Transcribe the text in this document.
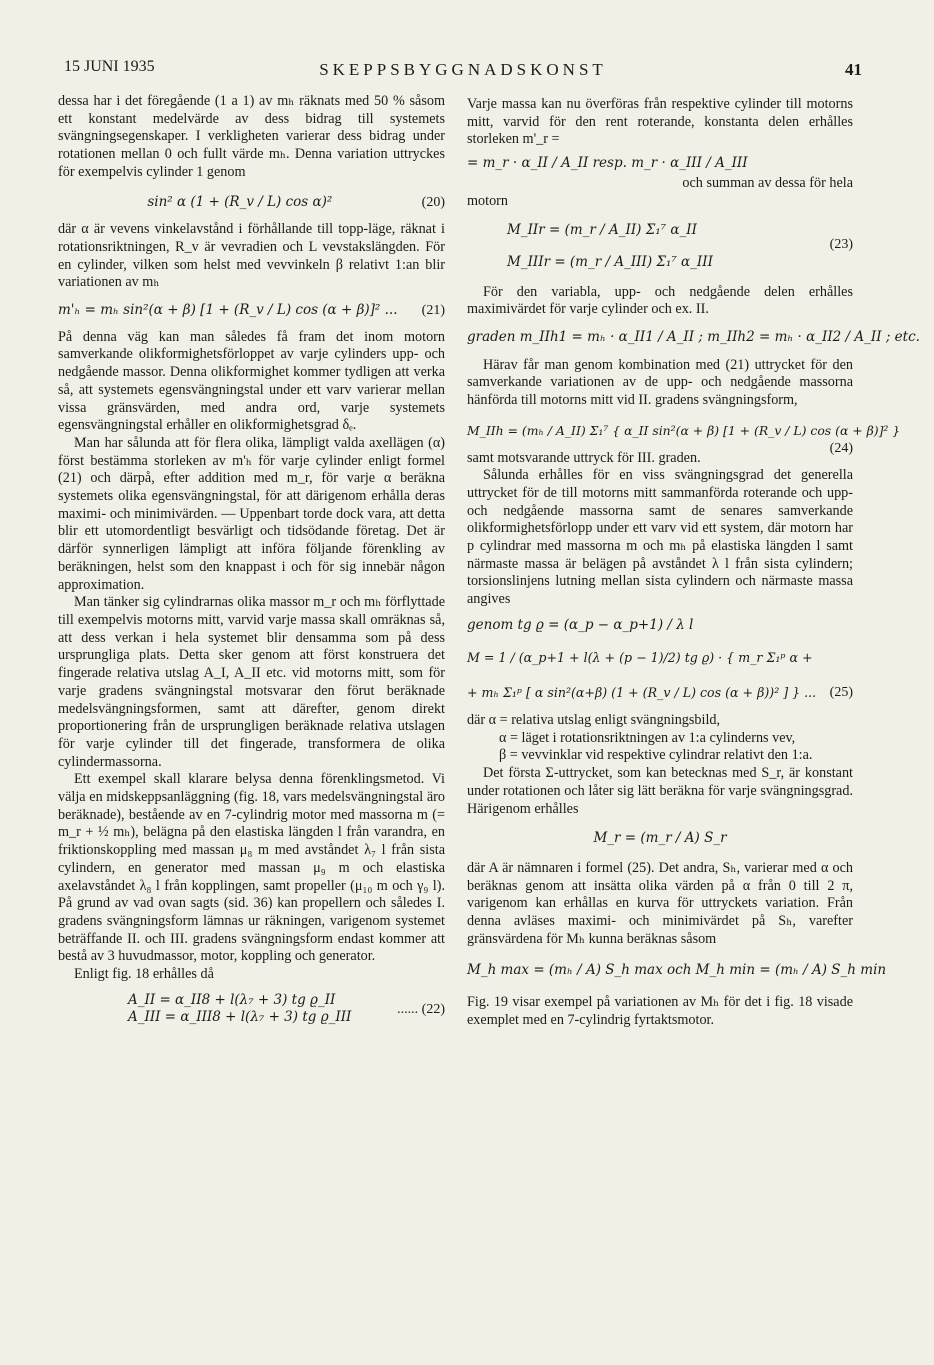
15 JUNI 1935	SKEPPSBYGGNADSKONST	41

dessa har i det föregående (1 a 1) av mₕ räknats med 50 % såsom ett konstant medelvärde av dess bidrag till systemets svängningsegenskaper. I verkligheten varierar dess bidrag under rotationen mellan 0 och fullt värde mₕ. Denna variation uttryckes för exempelvis cylinder 1 genom

sin² α (1 + (R_v / L) cos α)²	(20)

där α är vevens vinkelavstånd i förhållande till topp-läge, räknat i rotationsriktningen, R_v är vevradien och L vevstakslängden. För en cylinder, vilken som helst med vevvinkeln β relativt 1:an blir variationen av mₕ

m'ₕ = mₕ sin²(α + β) [1 + (R_v / L) cos (α + β)]² ... (21)

På denna väg kan man således få fram det inom motorn samverkande olikformighetsförloppet av varje cylinders upp- och nedgående massor. Denna olikformighet kommer tydligen att verka så, att systemets egensvängningstal under ett varv varierar mellan vissa gränsvärden, med andra ord, varje systemets egensvängningstal erhåller en olikformighetsgrad δₑ.

Man har sålunda att för flera olika, lämpligt valda axellägen (α) först bestämma storleken av m'ₕ för varje cylinder enligt formel (21) och därpå, efter addition med m_r, för varje α beräkna systemets olika egensvängningstal, för att därigenom erhålla deras maximi- och minimivärden. — Uppenbart torde dock vara, att detta blir ett utomordentligt besvärligt och tidsödande företag. Det är därför synnerligen lämpligt att införa följande förenkling av beräkningen, helst som den knappast i och för sig innebär någon approximation.

Man tänker sig cylindrarnas olika massor m_r och mₕ förflyttade till exempelvis motorns mitt, varvid varje massa skall omräknas så, att dess verkan i hela systemet blir densamma som på dess ursprungliga plats. Detta sker genom att först konstruera det fingerade relativa utslag A_I, A_II etc. vid motorns mitt, som för varje gradens svängningstal motsvarar den förut beräknade medelsvängningsformen, samt att därefter, genom direkt proportionering från de ursprungligen beräknade relativa utslagen för varje cylinder till det fingerade, transformera de olika cylindermassorna.

Ett exempel skall klarare belysa denna förenklingsmetod. Vi välja en midskeppsanläggning (fig. 18, vars medelsvängningstal äro beräknade), bestående av en 7-cylindrig motor med massorna m (= m_r + ½ mₕ), belägna på den elastiska längden l från varandra, en friktionskoppling med massan μ₈ m med avståndet λ₇ l från sista cylindern, en generator med massan μ₉ m och elastiska axelavståndet λ₈ l från kopplingen, samt propeller (μ₁₀ m och γ₉ l). På grund av vad ovan sagts (sid. 36) kan propellern och således I. gradens svängningsform lämnas ur räkningen, varigenom systemet beträffande II. och III. gradens svängningsform endast kommer att bestå av 3 huvudmassor, motor, koppling och generator.

Enligt fig. 18 erhålles då

...... (22)
A_II = α_II8 + l(λ₇ + 3) tg ϱ_II
A_III = α_III8 + l(λ₇ + 3) tg ϱ_III

Varje massa kan nu överföras från respektive cylinder till motorns mitt, varvid för den rent roterande, konstanta delen erhålles storleken m'_r =

= m_r · α_II / A_II resp. m_r · α_III / A_III

och summan av dessa för hela

motorn

(23)
M_IIr = (m_r / A_II) Σ₁⁷ α_II
M_IIIr = (m_r / A_III) Σ₁⁷ α_III

För den variabla, upp- och nedgående delen erhålles maximivärdet för varje cylinder och ex. II.

graden m_IIh1 = mₕ · α_II1 / A_II ; m_IIh2 = mₕ · α_II2 / A_II ; etc.

Härav får man genom kombination med (21) uttrycket för den samverkande variationen av de upp- och nedgående massorna hänförda till motorns mitt vid II. gradens svängningsform,

M_IIh = (mₕ / A_II) Σ₁⁷ { α_II sin²(α + β) [1 + (R_v / L) cos (α + β)]² }
(24)

samt motsvarande uttryck för III. graden.

Sålunda erhålles för en viss svängningsgrad det generella uttrycket för de till motorns mitt sammanförda roterande och upp- och nedgående massorna samt de senares samverkande olikformighetsförlopp under ett varv vid ett system, där motorn har p cylindrar med massorna m och mₕ på elastiska längden l samt närmaste massa är belägen på avståndet λ l från sista cylindern; torsionslinjens lutning mellan sista cylindern och närmaste massa angives

genom tg ϱ = (α_p − α_p+1) / λ l
M = 1 / (α_p+1 + l(λ + (p − 1)/2) tg ϱ) · { m_r Σ₁ᵖ α +
+ mₕ Σ₁ᵖ [ α sin²(α+β) (1 + (R_v / L) cos (α + β))² ] } ... (25)

där α = relativa utslag enligt svängningsbild,

α = läget i rotationsriktningen av 1:a cylinderns vev,

β = vevvinklar vid respektive cylindrar relativt den 1:a.

Det första Σ-uttrycket, som kan betecknas med S_r, är konstant under rotationen och låter sig lätt beräkna för varje svängningsgrad. Härigenom erhålles

M_r = (m_r / A) S_r

där A är nämnaren i formel (25). Det andra, Sₕ, varierar med α och beräknas genom att insätta olika värden på α från 0 till 2 π, varigenom kan erhållas en kurva för uttryckets variation. Från denna avläses maximi- och minimivärdet på Sₕ, varefter gränsvärdena för Mₕ kunna beräknas såsom

M_h max = (mₕ / A) S_h max och M_h min = (mₕ / A) S_h min

Fig. 19 visar exempel på variationen av Mₕ för det i fig. 18 visade exemplet med en 7-cylindrig fyrtaktsmotor.
